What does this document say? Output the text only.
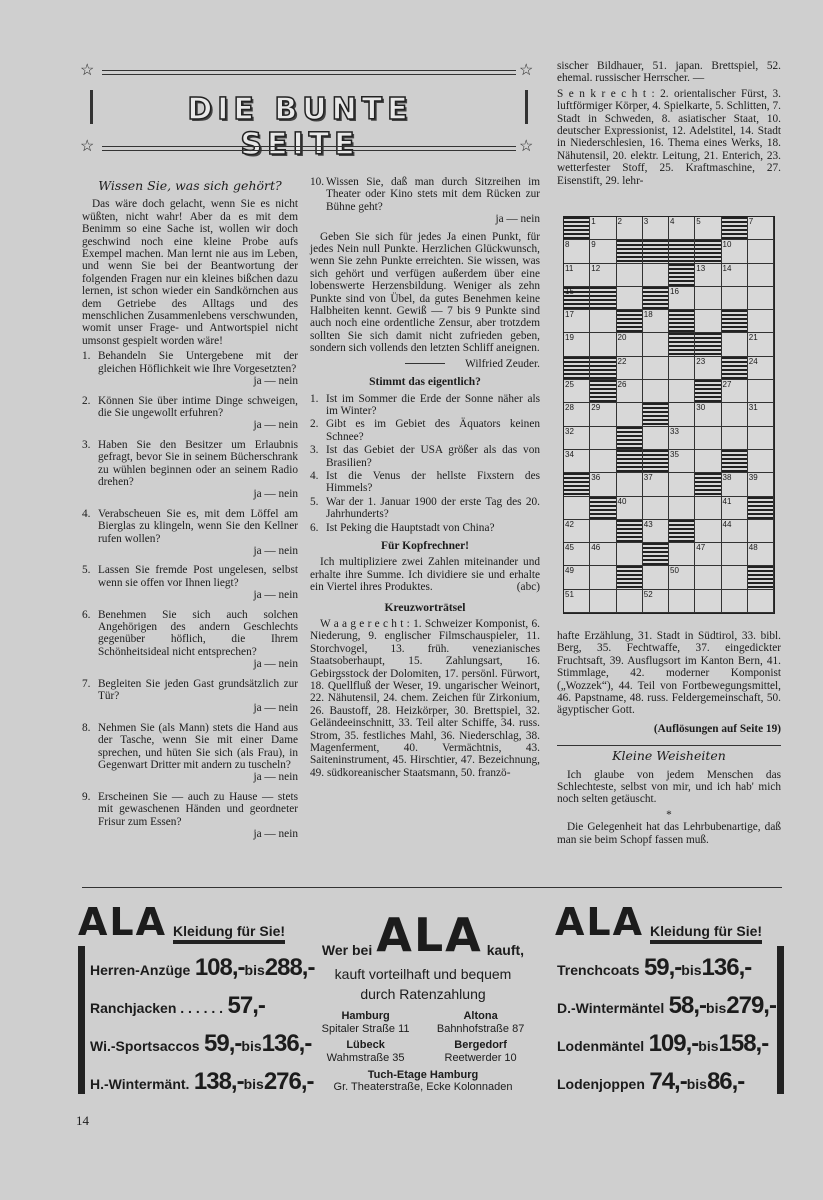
☆	☆
DIE BUNTE SEITE
☆	☆
Wissen Sie, was sich gehört?

Das wäre doch gelacht, wenn Sie es nicht wüßten, nicht wahr! Aber da es mit dem Benimm so eine Sache ist, wollen wir doch geschwind noch eine kleine Probe aufs Exempel machen. Man lernt nie aus im Leben, und wenn Sie bei der Beantwortung der folgenden Fragen nur ein kleines bißchen dazu lernen, ist schon wieder ein Sandkörnchen aus dem Getriebe des Alltags und des menschlichen Zusammenlebens verschwunden, womit unser Frage- und Antwortspiel nicht umsonst gespielt worden wäre!

1. Behandeln Sie Untergebene mit der gleichen Höflichkeit wie Ihre Vorgesetzten?
ja — nein
2. Können Sie über intime Dinge schweigen, die Sie ungewollt erfuhren?
ja — nein
3. Haben Sie den Besitzer um Erlaubnis gefragt, bevor Sie in seinem Bücherschrank zu wühlen beginnen oder an seinem Radio drehen?
ja — nein
4. Verabscheuen Sie es, mit dem Löffel am Bierglas zu klingeln, wenn Sie den Kellner rufen wollen?
ja — nein
5. Lassen Sie fremde Post ungelesen, selbst wenn sie offen vor Ihnen liegt?
ja — nein
6. Benehmen Sie sich auch solchen Angehörigen des andern Geschlechts gegenüber höflich, die Ihrem Schönheitsideal nicht entsprechen?
ja — nein
7. Begleiten Sie jeden Gast grundsätzlich zur Tür?
ja — nein
8. Nehmen Sie (als Mann) stets die Hand aus der Tasche, wenn Sie mit einer Dame sprechen, und hüten Sie sich (als Frau), in Gegenwart Dritter mit andern zu tuscheln?
ja — nein
9. Erscheinen Sie — auch zu Hause — stets mit gewaschenen Händen und geordneter Frisur zum Essen?
ja — nein
10. Wissen Sie, daß man durch Sitzreihen im Theater oder Kino stets mit dem Rücken zur Bühne geht?
ja — nein

Geben Sie sich für jedes Ja einen Punkt, für jedes Nein null Punkte. Herzlichen Glückwunsch, wenn Sie zehn Punkte erreichten. Sie wissen, was sich gehört und verfügen außerdem über eine lobenswerte Herzensbildung. Weniger als zehn Punkte sind von Übel, da gutes Benehmen keine Halbheiten kennt. Gewiß — 7 bis 9 Punkte sind auch noch eine ordentliche Zensur, aber trotzdem sollten Sie sich damit nicht zufrieden geben, sondern sich vollends den letzten Schliff aneignen.

Wilfried Zeuder.
Stimmt das eigentlich?
1. Ist im Sommer die Erde der Sonne näher als im Winter?
2. Gibt es im Gebiet des Äquators keinen Schnee?
3. Ist das Gebiet der USA größer als das von Brasilien?
4. Ist die Venus der hellste Fixstern des Himmels?
5. War der 1. Januar 1900 der erste Tag des 20. Jahrhunderts?
6. Ist Peking die Hauptstadt von China?
Für Kopfrechner!

Ich multipliziere zwei Zahlen miteinander und erhalte ihre Summe. Ich dividiere sie und erhalte ein Viertel ihres Produktes.	(abc)

Kreuzworträtsel

W a a g e r e c h t : 1. Schweizer Komponist, 6. Niederung, 9. englischer Filmschauspieler, 11. Storchvogel, 13. früh. venezianisches Staatsoberhaupt, 15. Zahlungsart, 16. Gebirgsstock der Dolomiten, 17. persönl. Fürwort, 18. Quellfluß der Weser, 19. ungarischer Weinort, 22. Nähutensil, 24. chem. Zeichen für Zirkonium, 26. Baustoff, 28. Heizkörper, 30. Brettspiel, 32. Geländeeinschnitt, 33. Teil alter Schiffe, 34. russ. Strom, 35. festliches Mahl, 36. Niederschlag, 38. Magenferment, 40. Vermächtnis, 43. Saiteninstrument, 45. Hirschtier, 47. Bezeichnung, 49. südkoreanischer Staatsmann, 50. franzö-

sischer Bildhauer, 51. japan. Brettspiel, 52. ehemal. russischer Herrscher. —

S e n k r e c h t : 2. orientalischer Fürst, 3. luftförmiger Körper, 4. Spielkarte, 5. Schlitten, 7. Stadt in Schweden, 8. asiatischer Staat, 10. deutscher Expressionist, 12. Adelstitel, 14. Stadt in Niederschlesien, 16. Thema eines Werks, 18. Nähutensil, 20. elektr. Leitung, 21. Enterich, 23. wetterfester Stoff, 25. Kraftmaschine, 27. Eisenstift, 29. lehr-

1	2	3	4	5	7
8	9	10
11 12	13 14
15	16
17	18
19	20	21
22	23	24
25	26	27
28 29	30	31
32	33
34	35
36	37	38 39
40	41
42	43	44
45 46	47	48
49	50
51	52

hafte Erzählung, 31. Stadt in Südtirol, 33. bibl. Berg, 35. Fechtwaffe, 37. eingedickter Fruchtsaft, 39. Ausflugsort im Kanton Bern, 41. Stimmlage, 42. moderner Komponist („Wozzek“), 44. Teil von Fortbewegungsmittel, 46. Papstname, 48. russ. Feldergemeinschaft, 50. ägyptischer Gott.

(Auflösungen auf Seite 19)

Kleine Weisheiten

Ich glaube von jedem Menschen das Schlechteste, selbst von mir, und ich hab' mich noch selten getäuscht.

*

Die Gelegenheit hat das Lehrbubenartige, daß man sie beim Schopf fassen muß.

ALA Kleidung für Sie!
Herren-Anzüge 108,-bis288,-
Ranchjacken . . . . . . 57,-
Wi.-Sportsaccos 59,-bis136,-
H.-Wintermänt. 138,-bis276,-
Wer bei ALA kauft,
kauft vorteilhaft und bequem
durch Ratenzahlung
Hamburg
Spitaler Straße 11
Lübeck
Wahmstraße 35
Altona
Bahnhofstraße 87
Bergedorf
Reetwerder 10
Tuch-Etage Hamburg
Gr. Theaterstraße, Ecke Kolonnaden
ALA Kleidung für Sie!
Trenchcoats 59,-bis136,-
D.-Wintermäntel 58,-bis279,-
Lodenmäntel 109,-bis158,-
Lodenjoppen 74,-bis86,-
14
